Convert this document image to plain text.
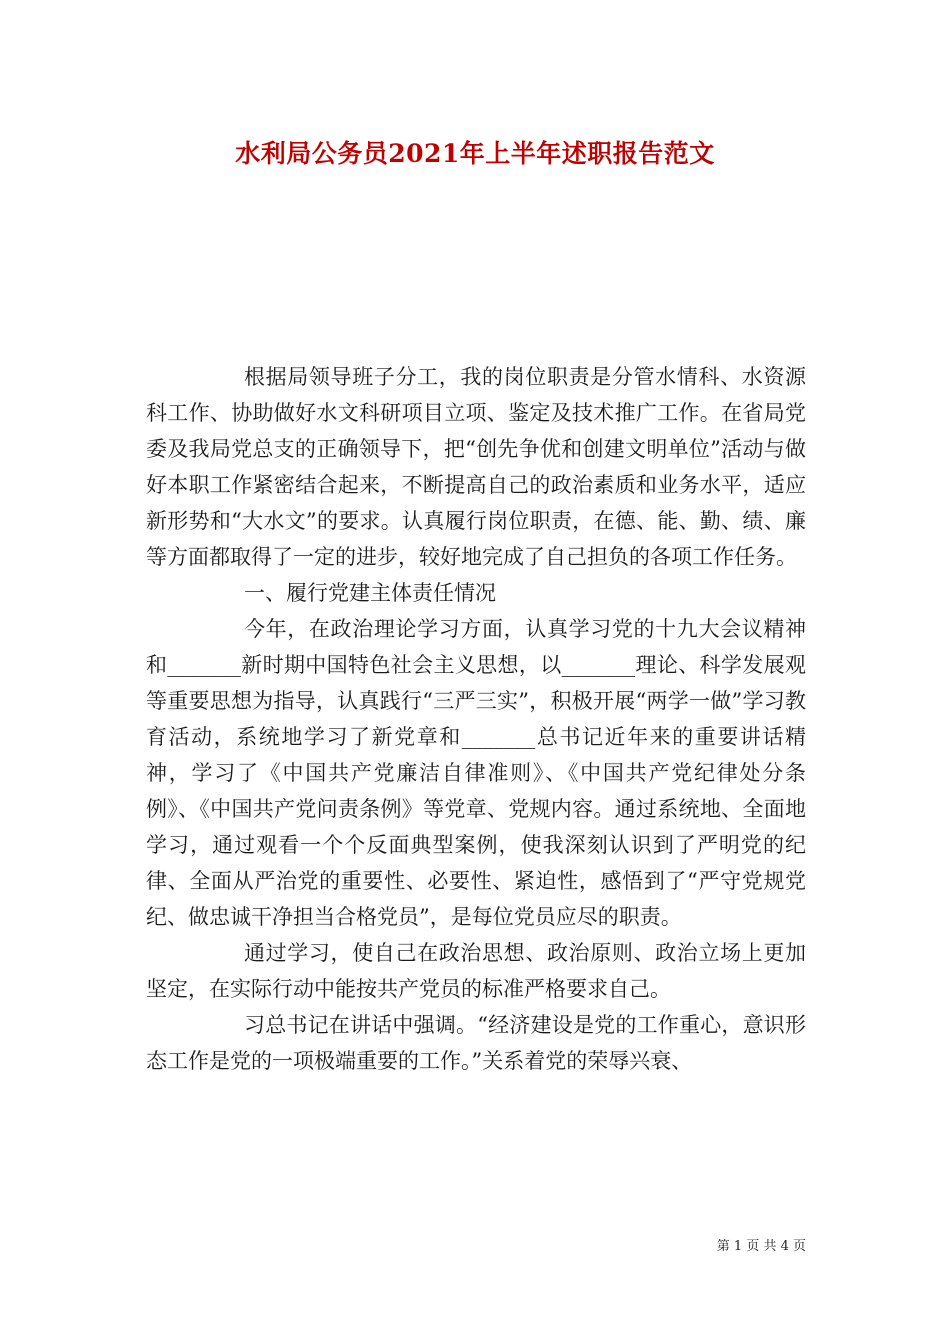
水利局公务员2021年上半年述职报告范文

根据局领导班子分工，我的岗位职责是分管水情科、水资源科工作、协助做好水文科研项目立项、鉴定及技术推广工作。在省局党委及我局党总支的正确领导下，把“创先争优和创建文明单位”活动与做好本职工作紧密结合起来，不断提高自己的政治素质和业务水平，适应新形势和“大水文”的要求。认真履行岗位职责，在德、能、勤、绩、廉等方面都取得了一定的进步，较好地完成了自己担负的各项工作任务。

一、履行党建主体责任情况

今年，在政治理论学习方面，认真学习党的十九大会议精神和_______新时期中国特色社会主义思想，以_______理论、科学发展观等重要思想为指导，认真践行“三严三实”，积极开展“两学一做”学习教育活动，系统地学习了新党章和_______总书记近年来的重要讲话精神，学习了《中国共产党廉洁自律准则》、《中国共产党纪律处分条例》、《中国共产党问责条例》等党章、党规内容。通过系统地、全面地学习，通过观看一个个反面典型案例，使我深刻认识到了严明党的纪律、全面从严治党的重要性、必要性、紧迫性，感悟到了“严守党规党纪、做忠诚干净担当合格党员”，是每位党员应尽的职责。

通过学习，使自己在政治思想、政治原则、政治立场上更加坚定，在实际行动中能按共产党员的标准严格要求自己。

习总书记在讲话中强调。“经济建设是党的工作重心，意识形态工作是党的一项极端重要的工作。”关系着党的荣辱兴衰、

第 1 页 共 4 页
